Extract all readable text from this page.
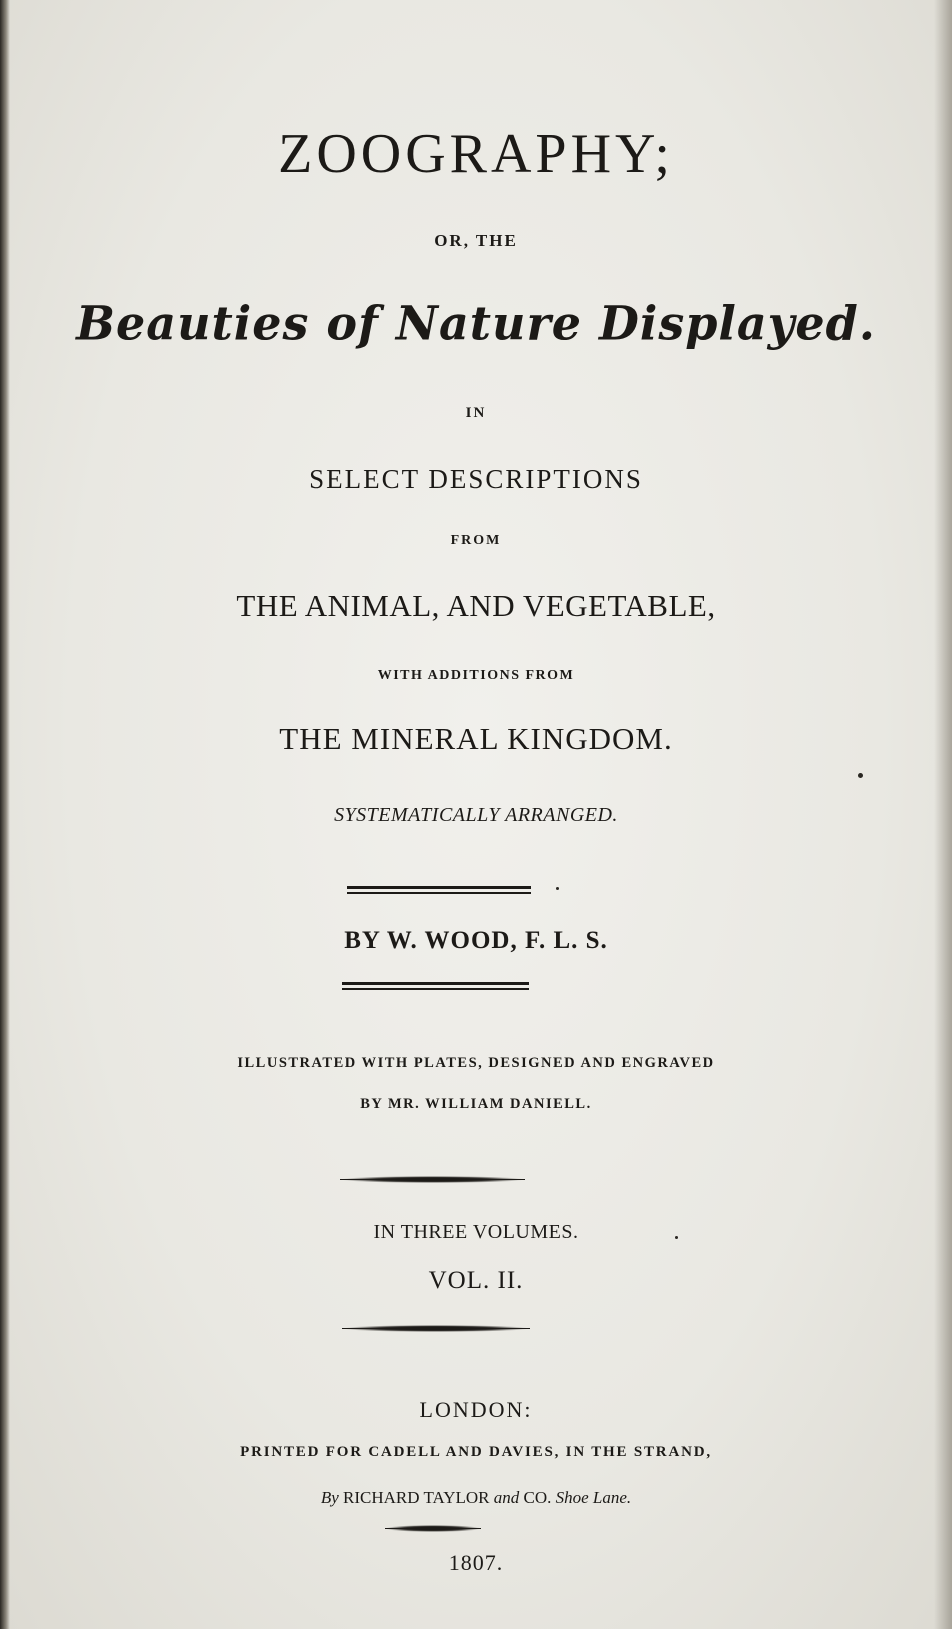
ZOOGRAPHY;
OR, THE
Beauties of Nature Displayed.
IN
SELECT DESCRIPTIONS
FROM
THE ANIMAL, AND VEGETABLE,
WITH ADDITIONS FROM
THE MINERAL KINGDOM.
SYSTEMATICALLY ARRANGED.
BY W. WOOD, F. L. S.
ILLUSTRATED WITH PLATES, DESIGNED AND ENGRAVED
BY MR. WILLIAM DANIELL.
IN THREE VOLUMES.
VOL. II.
LONDON:
PRINTED FOR CADELL AND DAVIES, IN THE STRAND,
By RICHARD TAYLOR and CO. Shoe Lane.
1807.
